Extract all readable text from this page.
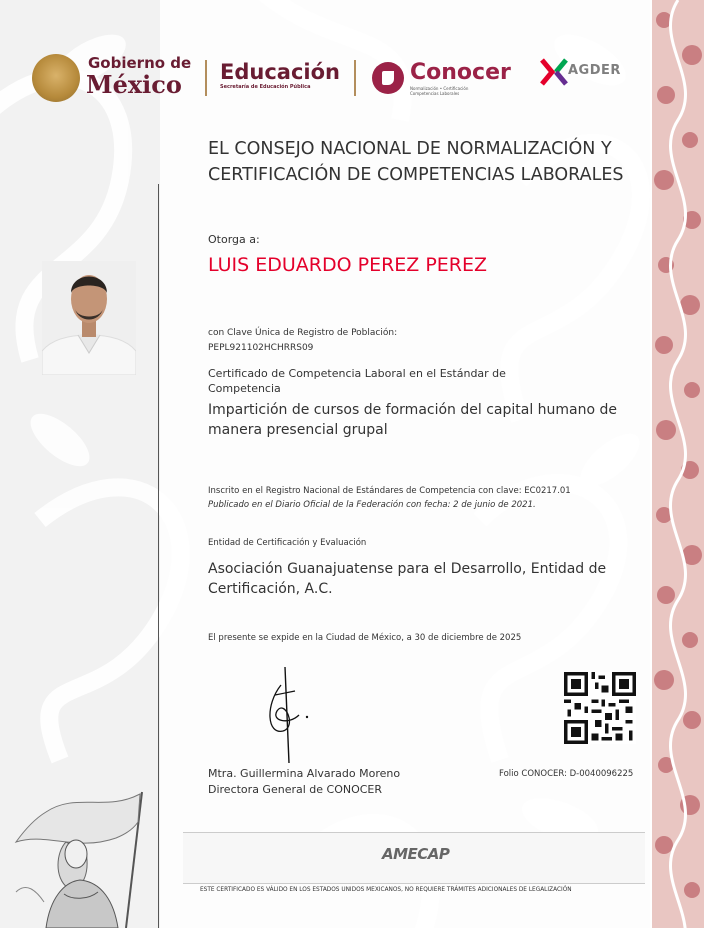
Gobierno de
México Educación
Secretaría de Educación Pública
Conocer
Normalización • Certificación
Competencias Laborales
AGDER
EL CONSEJO NACIONAL DE NORMALIZACIÓN Y CERTIFICACIÓN DE COMPETENCIAS LABORALES
Otorga a:
LUIS EDUARDO PEREZ PEREZ
con Clave Única de Registro de Población:
PEPL921102HCHRRS09
Certificado de Competencia Laboral en el Estándar de Competencia
Impartición de cursos de formación del capital humano de manera presencial grupal
Inscrito en el Registro Nacional de Estándares de Competencia con clave: EC0217.01
Publicado en el Diario Oficial de la Federación con fecha: 2 de junio de 2021.
Entidad de Certificación y Evaluación
Asociación Guanajuatense para el Desarrollo, Entidad de Certificación, A.C.
El presente se expide en la Ciudad de México, a 30 de diciembre de 2025
Mtra. Guillermina Alvarado Moreno
Directora General de CONOCER
Folio CONOCER: D-0040096225
AMECAP
ESTE CERTIFICADO ES VÁLIDO EN LOS ESTADOS UNIDOS MEXICANOS, NO REQUIERE TRÁMITES ADICIONALES DE LEGALIZACIÓN
